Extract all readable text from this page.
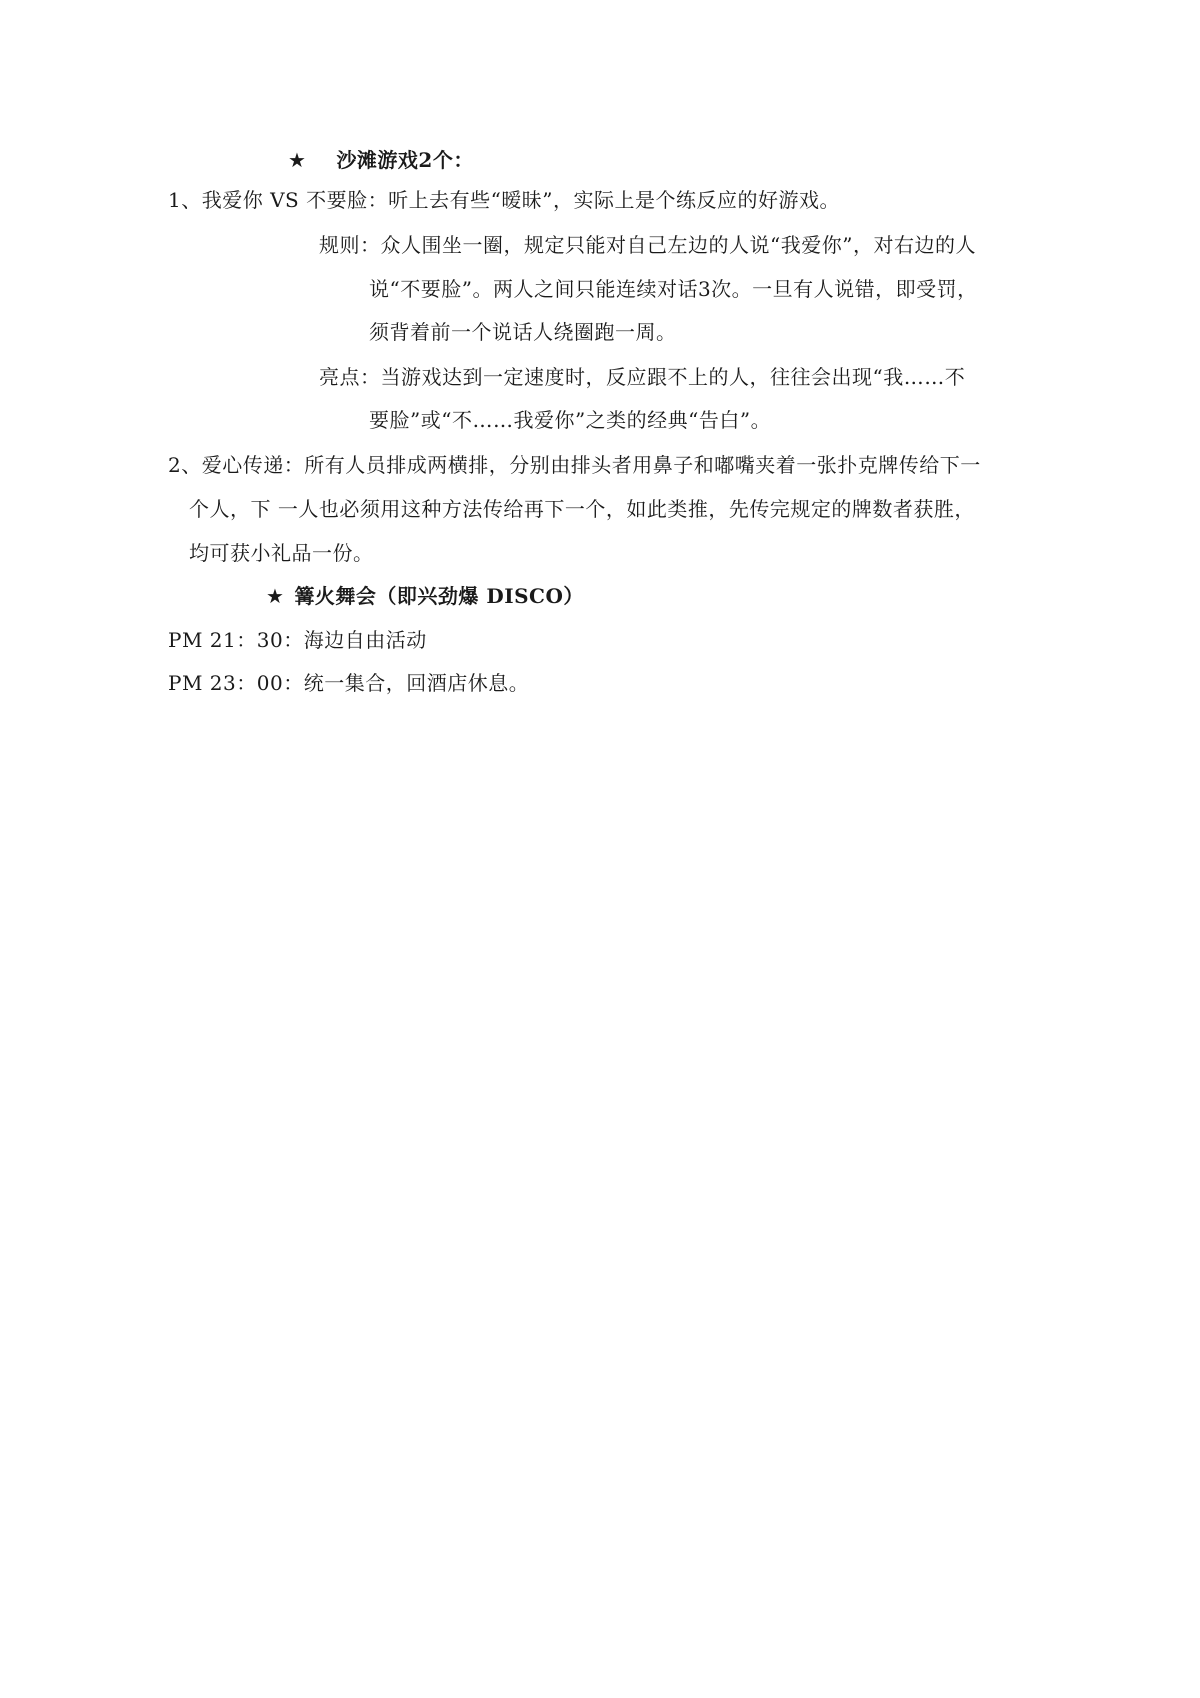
★ 沙滩游戏2个：
1、我爱你 VS 不要脸：听上去有些“暧昧”，实际上是个练反应的好游戏。
规则：众人围坐一圈，规定只能对自己左边的人说“我爱你”，对右边的人
说“不要脸”。两人之间只能连续对话3次。一旦有人说错，即受罚，
须背着前一个说话人绕圈跑一周。
亮点：当游戏达到一定速度时，反应跟不上的人，往往会出现“我……不
要脸”或“不……我爱你”之类的经典“告白”。
2、爱心传递：所有人员排成两横排，分别由排头者用鼻子和嘟嘴夹着一张扑克牌传给下一
个人，下 一人也必须用这种方法传给再下一个，如此类推，先传完规定的牌数者获胜，
均可获小礼品一份。
★ 篝火舞会（即兴劲爆 DISCO）
PM 21：30：海边自由活动
PM 23：00：统一集合，回酒店休息。
